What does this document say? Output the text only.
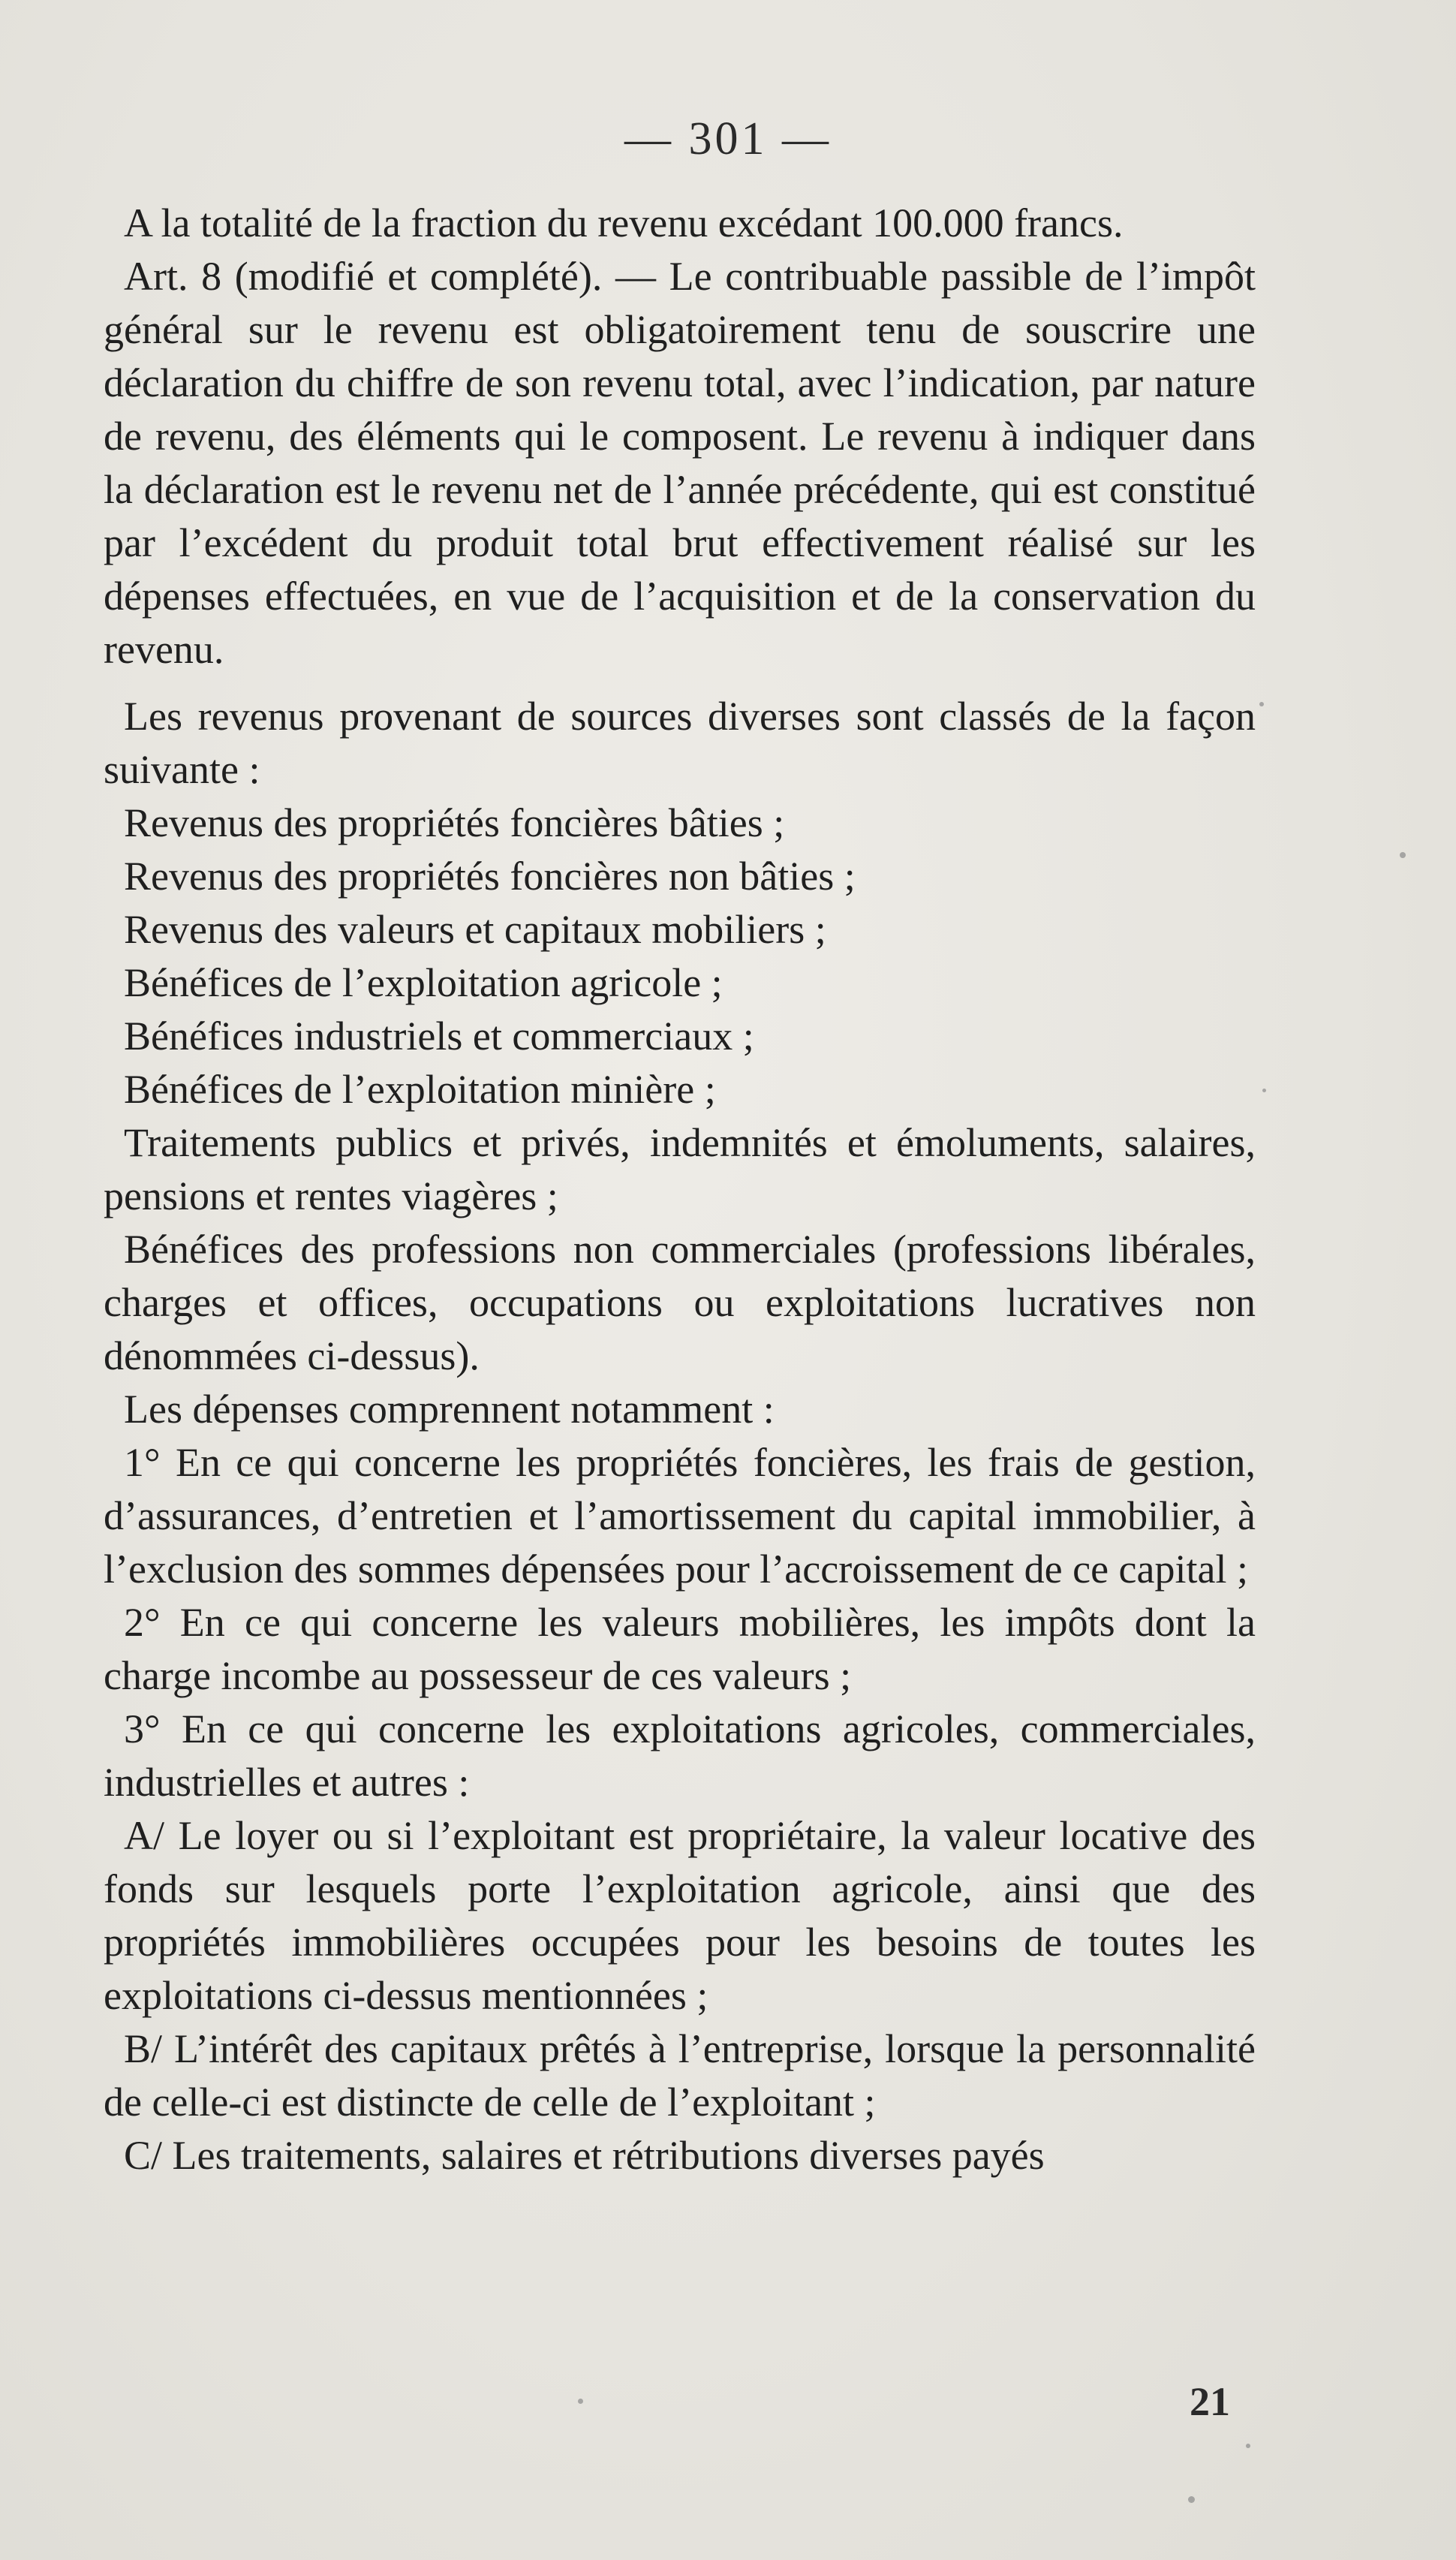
— 301 —

A la totalité de la fraction du revenu excédant 100.000 francs.

Art. 8 (modifié et complété). — Le contribuable passible de l’impôt général sur le revenu est obligatoirement tenu de souscrire une déclaration du chiffre de son revenu total, avec l’indication, par nature de revenu, des éléments qui le composent. Le revenu à indiquer dans la déclaration est le revenu net de l’année précédente, qui est constitué par l’excédent du produit total brut effectivement réalisé sur les dépenses effectuées, en vue de l’acquisition et de la conservation du revenu.

Les revenus provenant de sources diverses sont classés de la façon suivante :

Revenus des propriétés foncières bâties ;

Revenus des propriétés foncières non bâties ;

Revenus des valeurs et capitaux mobiliers ;

Bénéfices de l’exploitation agricole ;

Bénéfices industriels et commerciaux ;

Bénéfices de l’exploitation minière ;

Traitements publics et privés, indemnités et émoluments, salaires, pensions et rentes viagères ;

Bénéfices des professions non commerciales (professions libérales, charges et offices, occupations ou exploitations lucratives non dénommées ci-dessus).

Les dépenses comprennent notamment :

1° En ce qui concerne les propriétés foncières, les frais de gestion, d’assurances, d’entretien et l’amortissement du capital immobilier, à l’exclusion des sommes dépensées pour l’accroissement de ce capital ;

2° En ce qui concerne les valeurs mobilières, les impôts dont la charge incombe au possesseur de ces valeurs ;

3° En ce qui concerne les exploitations agricoles, commerciales, industrielles et autres :

A/ Le loyer ou si l’exploitant est propriétaire, la valeur locative des fonds sur lesquels porte l’exploitation agricole, ainsi que des propriétés immobilières occupées pour les besoins de toutes les exploitations ci-dessus mentionnées ;

B/ L’intérêt des capitaux prêtés à l’entreprise, lorsque la personnalité de celle-ci est distincte de celle de l’exploitant ;

C/ Les traitements, salaires et rétributions diverses payés

21
